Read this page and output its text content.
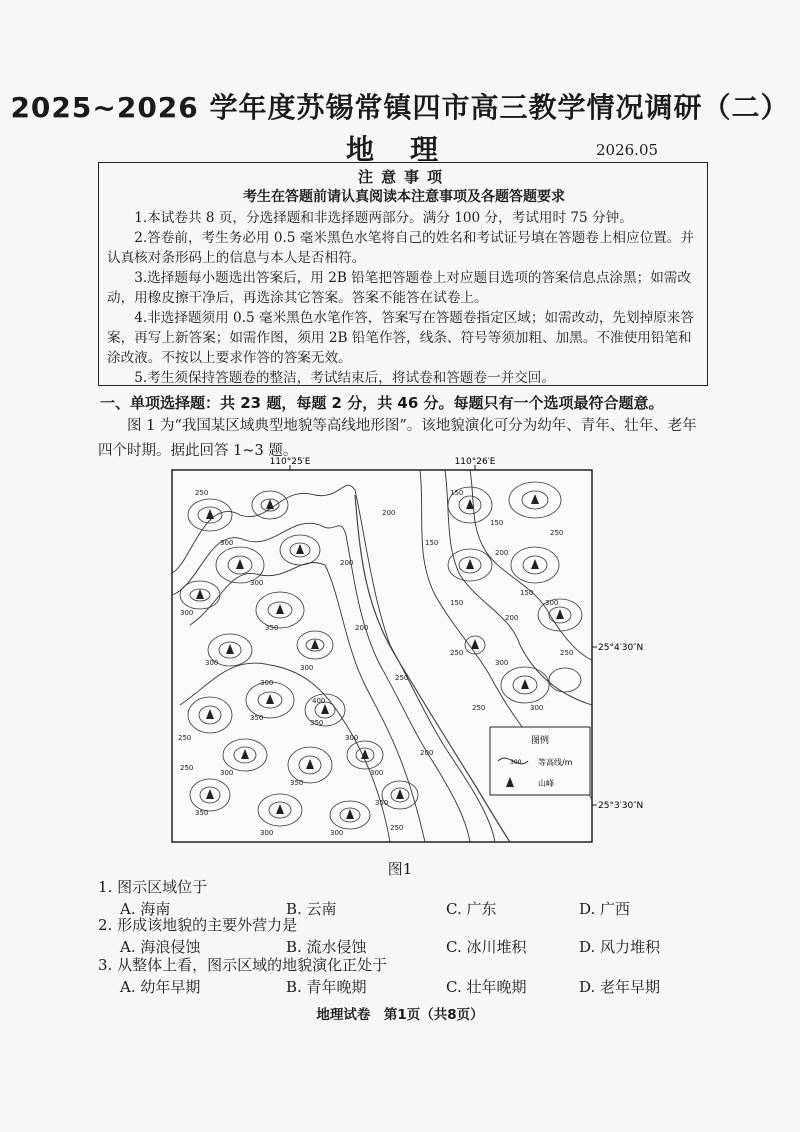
2025~2026 学年度苏锡常镇四市高三教学情况调研（二）
地理	2026.05
注意事项
考生在答题前请认真阅读本注意事项及各题答题要求

1.本试卷共 8 页，分选择题和非选择题两部分。满分 100 分，考试用时 75 分钟。

2.答卷前，考生务必用 0.5 毫米黑色水笔将自己的姓名和考试证号填在答题卷上相应位置。并认真核对条形码上的信息与本人是否相符。

3.选择题每小题选出答案后，用 2B 铅笔把答题卷上对应题目选项的答案信息点涂黑；如需改动，用橡皮擦干净后，再选涂其它答案。答案不能答在试卷上。

4.非选择题须用 0.5 毫米黑色水笔作答，答案写在答题卷指定区域；如需改动，先划掉原来答案，再写上新答案；如需作图，须用 2B 铅笔作答，线条、符号等须加粗、加黑。不准使用铅笔和涂改液。不按以上要求作答的答案无效。

5.考生须保持答题卷的整洁，考试结束后，将试卷和答题卷一并交回。

一、单项选择题：共 23 题，每题 2 分，共 46 分。每题只有一个选项最符合题意。
图 1 为“我国某区域典型地貌等高线地形图”。该地貌演化可分为幼年、青年、壮年、老年四个时期。据此回答 1~3 题。
110°25′E	110°26′E
25°4′30″N
25°3′30″N
250
300
300
300
350
300
300
250
350
300
300
350
350
400
300
350
350
300
250
200
200
200
150
150
150
200
150
250
300
300
250
300
250
250
300
250
300
250
200
150
200
图例
300 等高线/m
山峰
图1
1. 图示区域位于
A. 海南	B. 云南	C. 广东	D. 广西
2. 形成该地貌的主要外营力是
A. 海浪侵蚀	B. 流水侵蚀	C. 冰川堆积	D. 风力堆积
3. 从整体上看，图示区域的地貌演化正处于
A. 幼年早期	B. 青年晚期	C. 壮年晚期	D. 老年早期
地理试卷　第1页（共8页）
